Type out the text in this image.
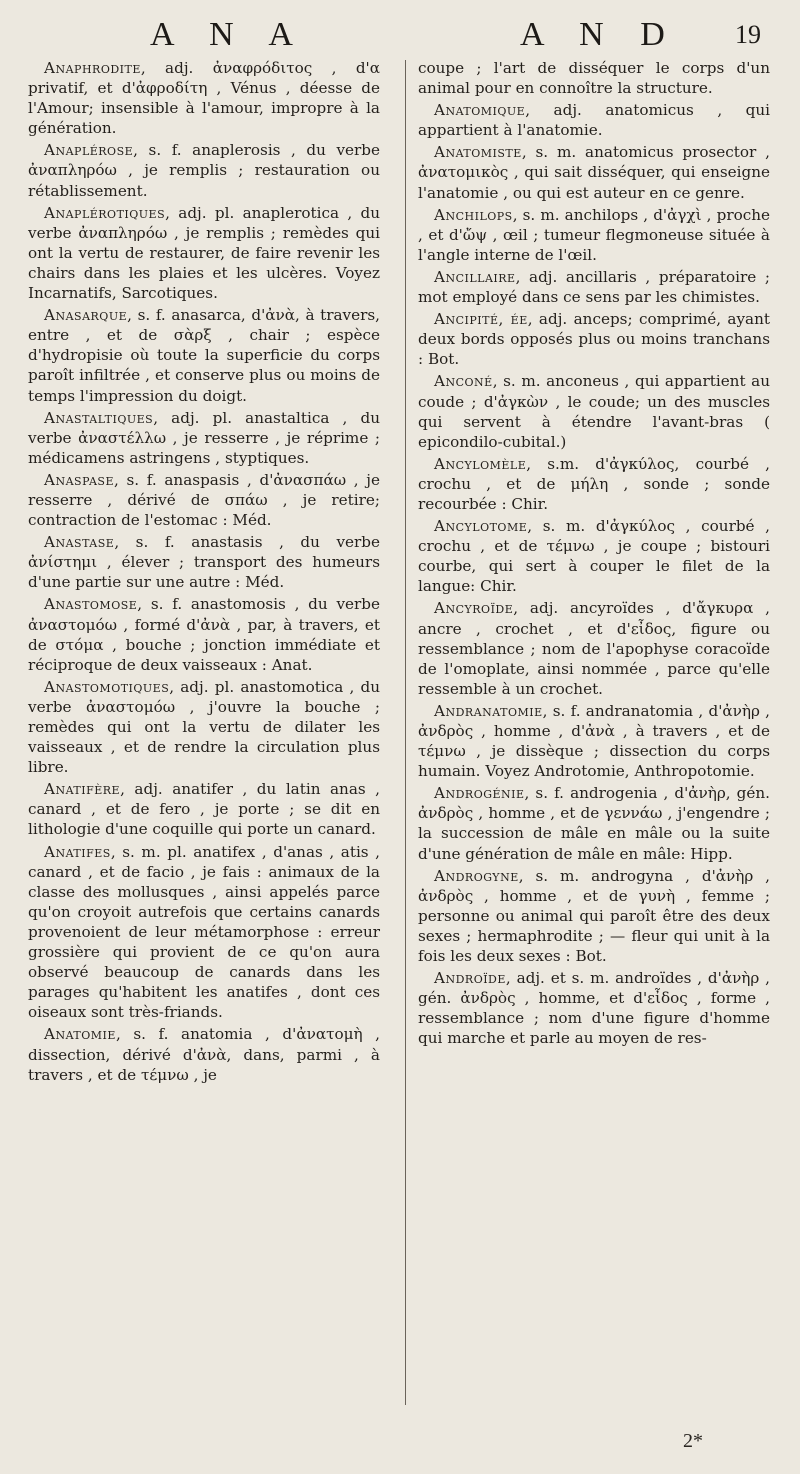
A N A	A N D 19

Anaphrodite, adj. ἀναφρόδιτος , d'α privatif, et d'ἀφροδίτη , Vénus , déesse de l'Amour; insensible à l'amour, impropre à la génération.

Anaplérose, s. f. anaplerosis , du verbe ἀναπληρόω , je remplis ; restauration ou rétablissement.

Anaplérotiques, adj. pl. anaplerotica , du verbe ἀναπληρόω , je remplis ; remèdes qui ont la vertu de restaurer, de faire revenir les chairs dans les plaies et les ulcères. Voyez Incarnatifs, Sarcotiques.

Anasarque, s. f. anasarca, d'ἀνὰ, à travers, entre , et de σὰρξ , chair ; espèce d'hydropisie où toute la superficie du corps paroît infiltrée , et conserve plus ou moins de temps l'impression du doigt.

Anastaltiques, adj. pl. anastaltica , du verbe ἀναστέλλω , je resserre , je réprime ; médicamens astringens , styptiques.

Anaspase, s. f. anaspasis , d'ἀνασπάω , je resserre , dérivé de σπάω , je retire; contraction de l'estomac : Méd.

Anastase, s. f. anastasis , du verbe ἀνίστημι , élever ; transport des humeurs d'une partie sur une autre : Méd.

Anastomose, s. f. anastomosis , du verbe ἀναστομόω , formé d'ἀνὰ , par, à travers, et de στόμα , bouche ; jonction immédiate et réciproque de deux vaisseaux : Anat.

Anastomotiques, adj. pl. anastomotica , du verbe ἀναστομόω , j'ouvre la bouche ; remèdes qui ont la vertu de dilater les vaisseaux , et de rendre la circulation plus libre.

Anatifère, adj. anatifer , du latin anas , canard , et de fero , je porte ; se dit en lithologie d'une coquille qui porte un canard.

Anatifes, s. m. pl. anatifex , d'anas , atis , canard , et de facio , je fais : animaux de la classe des mollusques , ainsi appelés parce qu'on croyoit autrefois que certains canards provenoient de leur métamorphose : erreur grossière qui provient de ce qu'on aura observé beaucoup de canards dans les parages qu'habitent les anatifes , dont ces oiseaux sont très-friands.

Anatomie, s. f. anatomia , d'ἀνατομὴ , dissection, dérivé d'ἀνὰ, dans, parmi , à travers , et de τέμνω , je

coupe ; l'art de disséquer le corps d'un animal pour en connoître la structure.

Anatomique, adj. anatomicus , qui appartient à l'anatomie.

Anatomiste, s. m. anatomicus prosector , ἀνατομικὸς , qui sait disséquer, qui enseigne l'anatomie , ou qui est auteur en ce genre.

Anchilops, s. m. anchilops , d'ἀγχὶ , proche , et d'ὤψ , œil ; tumeur flegmoneuse située à l'angle interne de l'œil.

Ancillaire, adj. ancillaris , préparatoire ; mot employé dans ce sens par les chimistes.

Ancipité, ée, adj. anceps; comprimé, ayant deux bords opposés plus ou moins tranchans : Bot.

Anconé, s. m. anconeus , qui appartient au coude ; d'ἀγκὼν , le coude; un des muscles qui servent à étendre l'avant-bras ( epicondilo-cubital.)

Ancylomèle, s.m. d'ἀγκύλος, courbé , crochu , et de μήλη , sonde ; sonde recourbée : Chir.

Ancylotome, s. m. d'ἀγκύλος , courbé , crochu , et de τέμνω , je coupe ; bistouri courbe, qui sert à couper le filet de la langue: Chir.

Ancyroïde, adj. ancyroïdes , d'ἄγκυρα , ancre , crochet , et d'εἶδος, figure ou ressemblance ; nom de l'apophyse coracoïde de l'omoplate, ainsi nommée , parce qu'elle ressemble à un crochet.

Andranatomie, s. f. andranatomia , d'ἀνὴρ , ἀνδρὸς , homme , d'ἀνὰ , à travers , et de τέμνω , je dissèque ; dissection du corps humain. Voyez Androtomie, Anthropotomie.

Androgénie, s. f. androgenia , d'ἀνὴρ, gén. ἀνδρὸς , homme , et de γεννάω , j'engendre ; la succession de mâle en mâle ou la suite d'une génération de mâle en mâle: Hipp.

Androgyne, s. m. androgyna , d'ἀνὴρ , ἀνδρὸς , homme , et de γυνὴ , femme ; personne ou animal qui paroît être des deux sexes ; hermaphrodite ; — fleur qui unit à la fois les deux sexes : Bot.

Androïde, adj. et s. m. androïdes , d'ἀνὴρ , gén. ἀνδρὸς , homme, et d'εἶδος , forme , ressemblance ; nom d'une figure d'homme qui marche et parle au moyen de res-

2*
